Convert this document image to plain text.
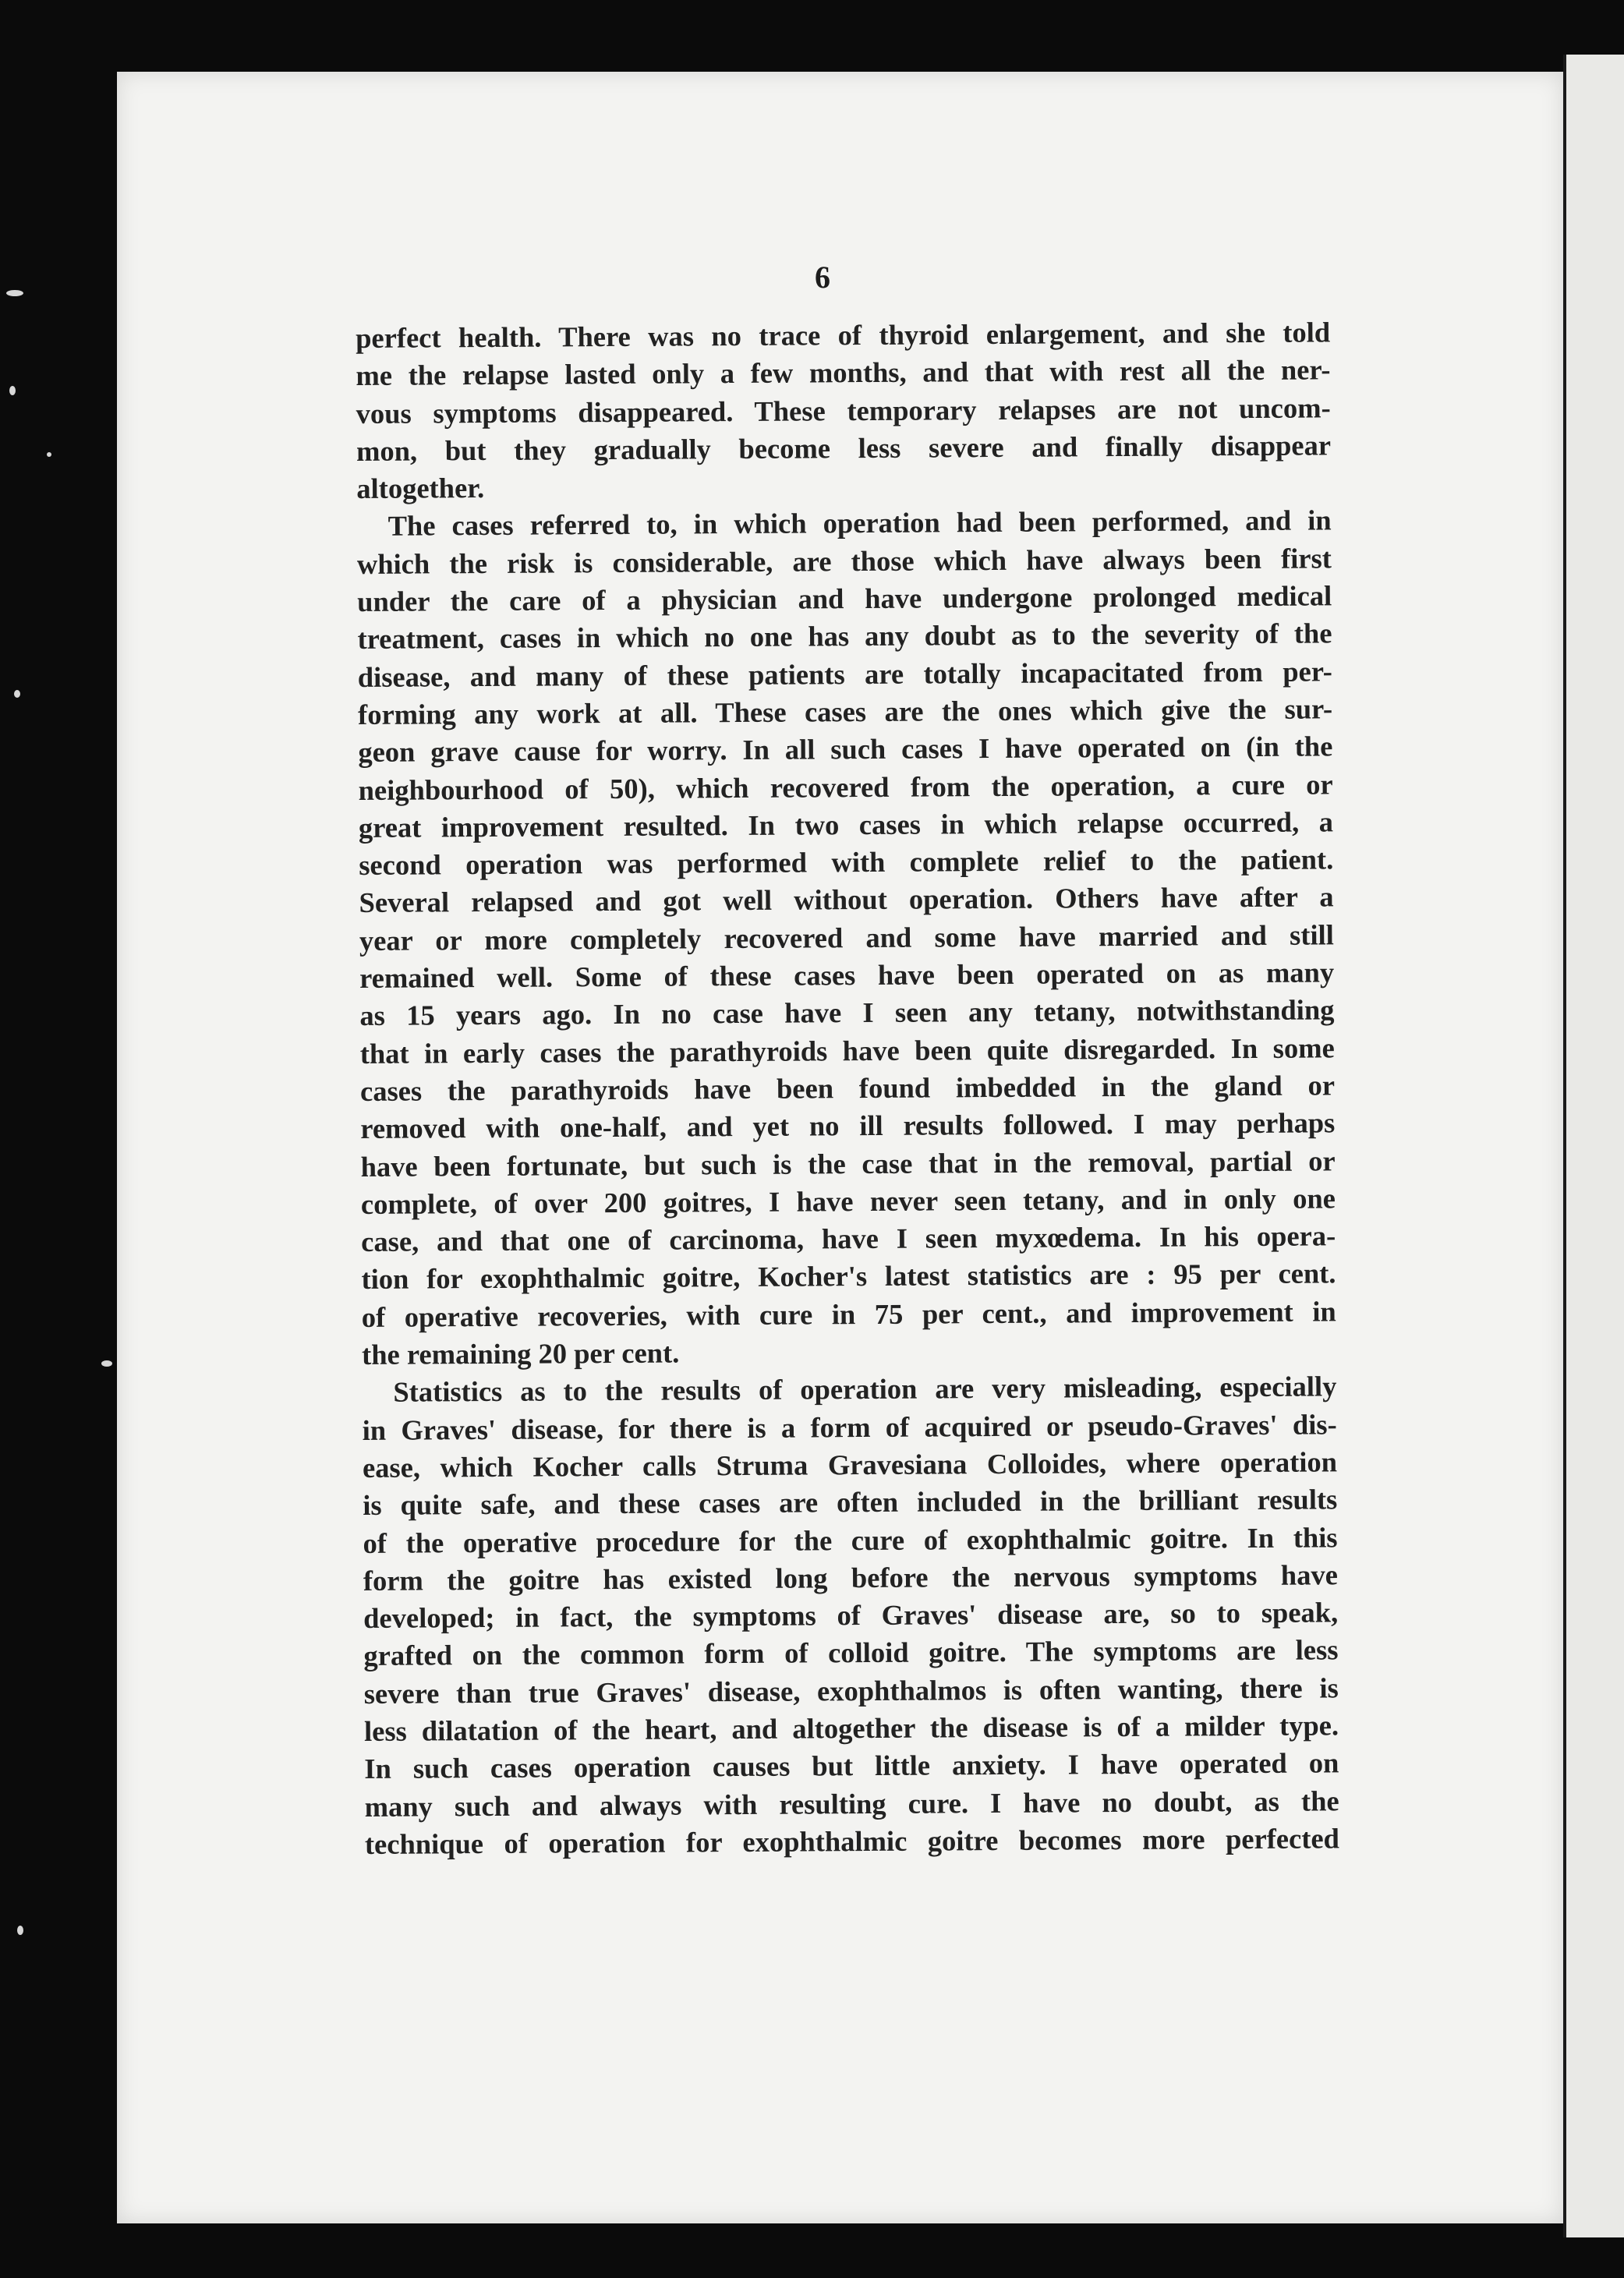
6

perfect health. There was no trace of thyroid enlargement, and she told
me the relapse lasted only a few months, and that with rest all the ner-
vous symptoms disappeared. These temporary relapses are not uncom-
mon, but they gradually become less severe and finally disappear
altogether.

The cases referred to, in which operation had been performed, and in
which the risk is considerable, are those which have always been first
under the care of a physician and have undergone prolonged medical
treatment, cases in which no one has any doubt as to the severity of the
disease, and many of these patients are totally incapacitated from per-
forming any work at all. These cases are the ones which give the sur-
geon grave cause for worry. In all such cases I have operated on (in the
neighbourhood of 50), which recovered from the operation, a cure or
great improvement resulted. In two cases in which relapse occurred, a
second operation was performed with complete relief to the patient.
Several relapsed and got well without operation. Others have after a
year or more completely recovered and some have married and still
remained well. Some of these cases have been operated on as many
as 15 years ago. In no case have I seen any tetany, notwithstanding
that in early cases the parathyroids have been quite disregarded. In some
cases the parathyroids have been found imbedded in the gland or
removed with one-half, and yet no ill results followed. I may perhaps
have been fortunate, but such is the case that in the removal, partial or
complete, of over 200 goitres, I have never seen tetany, and in only one
case, and that one of carcinoma, have I seen myxœdema. In his opera-
tion for exophthalmic goitre, Kocher's latest statistics are : 95 per cent.
of operative recoveries, with cure in 75 per cent., and improvement in
the remaining 20 per cent.

Statistics as to the results of operation are very misleading, especially
in Graves' disease, for there is a form of acquired or pseudo-Graves' dis-
ease, which Kocher calls Struma Gravesiana Colloides, where operation
is quite safe, and these cases are often included in the brilliant results
of the operative procedure for the cure of exophthalmic goitre. In this
form the goitre has existed long before the nervous symptoms have
developed; in fact, the symptoms of Graves' disease are, so to speak,
grafted on the common form of colloid goitre. The symptoms are less
severe than true Graves' disease, exophthalmos is often wanting, there is
less dilatation of the heart, and altogether the disease is of a milder type.
In such cases operation causes but little anxiety. I have operated on
many such and always with resulting cure. I have no doubt, as the
technique of operation for exophthalmic goitre becomes more perfected
